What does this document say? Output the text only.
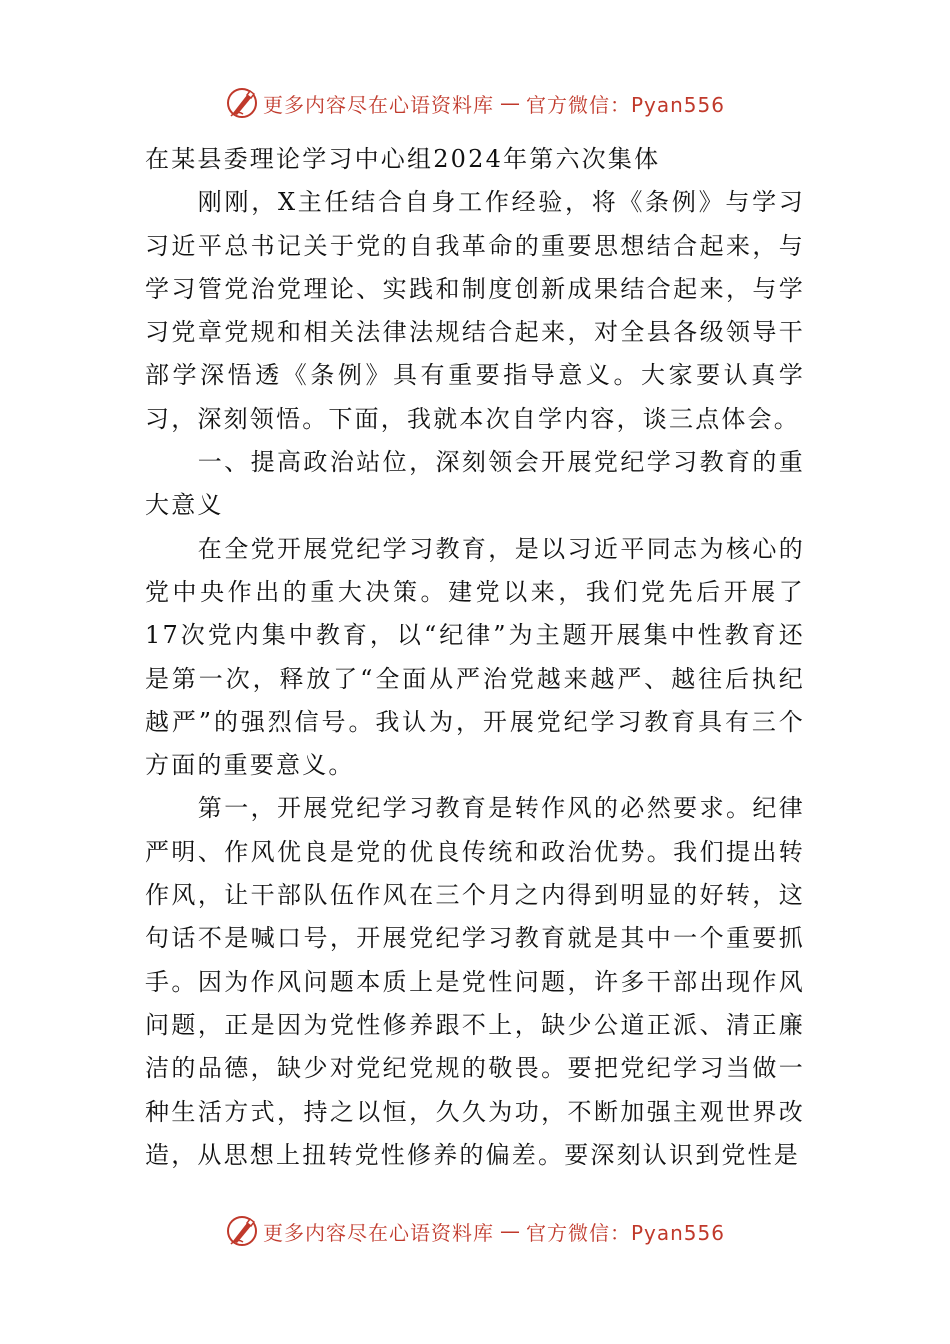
更多内容尽在心语资料库 — 官方微信：Pyan556

在某县委理论学习中心组2024年第六次集体

刚刚，X主任结合自身工作经验，将《条例》与学习习近平总书记关于党的自我革命的重要思想结合起来，与学习管党治党理论、实践和制度创新成果结合起来，与学习党章党规和相关法律法规结合起来，对全县各级领导干部学深悟透《条例》具有重要指导意义。大家要认真学习，深刻领悟。下面，我就本次自学内容，谈三点体会。

一、提高政治站位，深刻领会开展党纪学习教育的重大意义

在全党开展党纪学习教育，是以习近平同志为核心的党中央作出的重大决策。建党以来，我们党先后开展了17次党内集中教育，以“纪律”为主题开展集中性教育还是第一次，释放了“全面从严治党越来越严、越往后执纪越严”的强烈信号。我认为，开展党纪学习教育具有三个方面的重要意义。

第一，开展党纪学习教育是转作风的必然要求。纪律严明、作风优良是党的优良传统和政治优势。我们提出转作风，让干部队伍作风在三个月之内得到明显的好转，这句话不是喊口号，开展党纪学习教育就是其中一个重要抓手。因为作风问题本质上是党性问题，许多干部出现作风问题，正是因为党性修养跟不上，缺少公道正派、清正廉洁的品德，缺少对党纪党规的敬畏。要把党纪学习当做一种生活方式，持之以恒，久久为功，不断加强主观世界改造，从思想上扭转党性修养的偏差。要深刻认识到党性是

更多内容尽在心语资料库 — 官方微信：Pyan556
